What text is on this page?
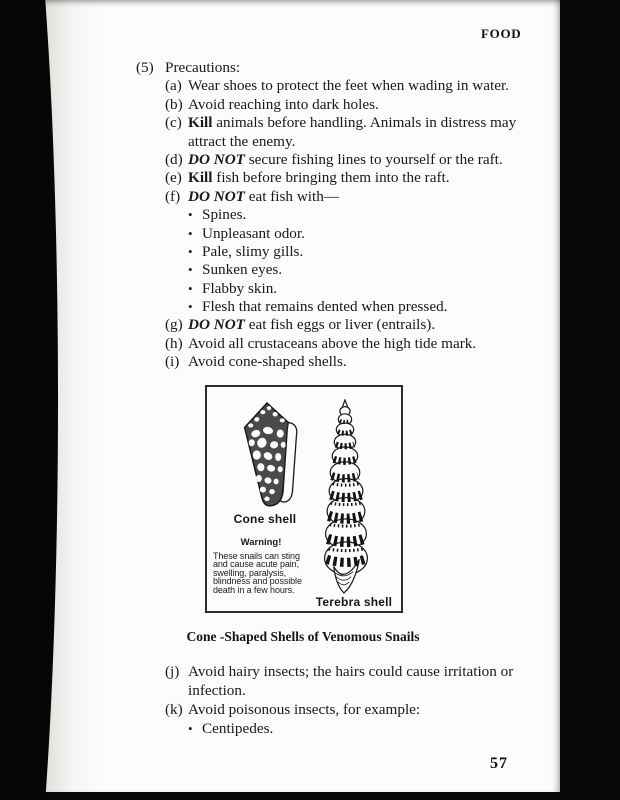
FOOD
(5) Precautions:
(a) Wear shoes to protect the feet when wading in water.
(b) Avoid reaching into dark holes.
(c) Kill animals before handling. Animals in distress may
attract the enemy.
(d) DO NOT secure fishing lines to yourself or the raft.
(e) Kill fish before bringing them into the raft.
(f) DO NOT eat fish with—
• Spines.
• Unpleasant odor.
• Pale, slimy gills.
• Sunken eyes.
• Flabby skin.
• Flesh that remains dented when pressed.
(g) DO NOT eat fish eggs or liver (entrails).
(h) Avoid all crustaceans above the high tide mark.
(i) Avoid cone-shaped shells.
Cone shell
Warning!
These snails can sting
and cause acute pain,
swelling, paralysis,
blindness and possible
death in a few hours.
Terebra shell
Cone -Shaped Shells of Venomous Snails
(j) Avoid hairy insects; the hairs could cause irritation or
infection.
(k) Avoid poisonous insects, for example:
• Centipedes.
57
